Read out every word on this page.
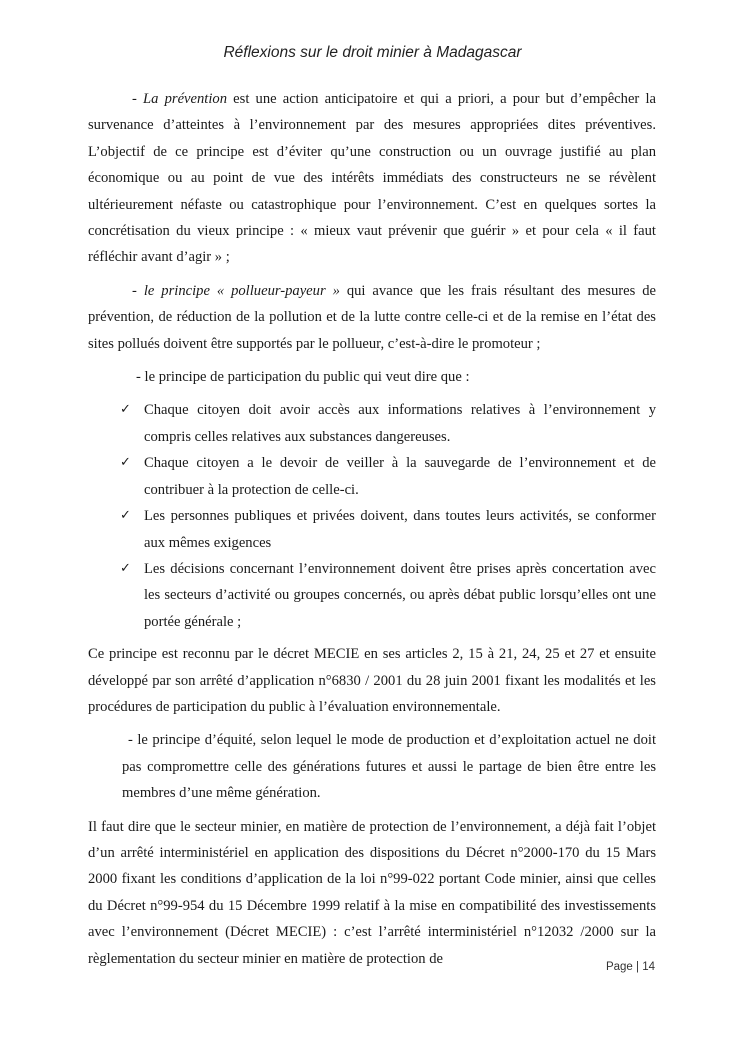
Réflexions sur le droit minier à Madagascar

- La prévention est une action anticipatoire et qui a priori, a pour but d’empêcher la survenance d’atteintes à l’environnement par des mesures appropriées dites préventives. L’objectif de ce principe est d’éviter qu’une construction ou un ouvrage justifié au plan économique ou au point de vue des intérêts immédiats des constructeurs ne se révèlent ultérieurement néfaste ou catastrophique pour l’environnement. C’est en quelques sortes la concrétisation du vieux principe : « mieux vaut prévenir que guérir » et pour cela « il faut réfléchir avant d’agir » ;

- le principe « pollueur-payeur » qui avance que les frais résultant des mesures de prévention, de réduction de la pollution et de la lutte contre celle-ci et de la remise en l’état des sites pollués doivent être supportés par le pollueur, c’est-à-dire le promoteur ;

- le principe de participation du public qui veut dire que :

✓ Chaque citoyen doit avoir accès aux informations relatives à l’environnement y compris celles relatives aux substances dangereuses.
✓ Chaque citoyen a le devoir de veiller à la sauvegarde de l’environnement et de contribuer à la protection de celle-ci.
✓ Les personnes publiques et privées doivent, dans toutes leurs activités, se conformer aux mêmes exigences
✓ Les décisions concernant l’environnement doivent être prises après concertation avec les secteurs d’activité ou groupes concernés, ou après débat public lorsqu’elles ont une portée générale ;

Ce principe est reconnu par le décret MECIE en ses articles 2, 15 à 21, 24, 25 et 27 et ensuite développé par son arrêté d’application n°6830 / 2001 du 28 juin 2001 fixant les modalités et les procédures de participation du public à l’évaluation environnementale.

- le principe d’équité, selon lequel le mode de production et d’exploitation actuel ne doit pas compromettre celle des générations futures et aussi le partage de bien être entre les membres d’une même génération.

Il faut dire que le secteur minier, en matière de protection de l’environnement, a déjà fait l’objet d’un arrêté interministériel en application des dispositions du Décret n°2000-170 du 15 Mars 2000 fixant les conditions d’application de la loi n°99-022 portant Code minier, ainsi que celles du Décret n°99-954 du 15 Décembre 1999 relatif à la mise en compatibilité des investissements avec l’environnement (Décret MECIE) : c’est l’arrêté interministériel n°12032 /2000 sur la règlementation du secteur minier en matière de protection de

Page | 14
